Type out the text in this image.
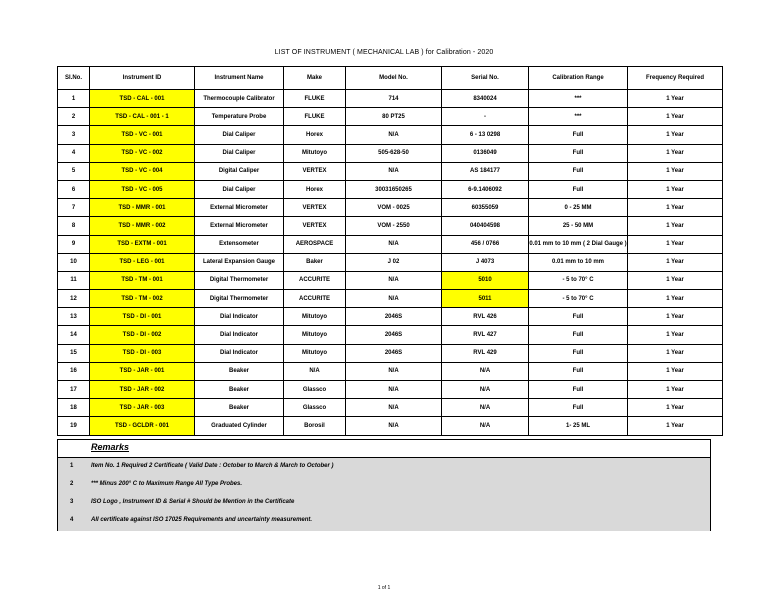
LIST OF INSTRUMENT ( MECHANICAL LAB ) for Calibration - 2020
Sl.No.	Instrument ID	Instrument Name	Make	Model No.	Serial No.	Calibration Range	Frequency Required
1	TSD - CAL - 001	Thermocouple Calibrator	FLUKE	714	8340024	***	1 Year
2	TSD - CAL - 001 - 1	Temperature Probe	FLUKE	80 PT25	-	***	1 Year
3	TSD - VC - 001	Dial Caliper	Horex	N/A	6 - 13 0298	Full	1 Year
4	TSD - VC - 002	Dial Caliper	Mitutoyo	505-628-50	0136049	Full	1 Year
5	TSD - VC - 004	Digital Caliper	VERTEX	N/A	AS 184177	Full	1 Year
6	TSD - VC - 005	Dial Caliper	Horex	30031650265	6-9.1406092	Full	1 Year
7	TSD - MMR - 001	External Micrometer	VERTEX	VOM - 0025	60355059	0 - 25 MM	1 Year
8	TSD - MMR - 002	External Micrometer	VERTEX	VOM - 2550	040404598	25 - 50 MM	1 Year
9	TSD - EXTM - 001	Extensometer	AEROSPACE	N/A	456 / 0766	0.01 mm to 10 mm ( 2 Dial Gauge )	1 Year
10	TSD - LEG - 001	Lateral Expansion Gauge	Baker	J 02	J 4073	0.01 mm to 10 mm	1 Year
11	TSD - TM - 001	Digital Thermometer	ACCURITE	N/A	5010	- 5 to 70° C	1 Year
12	TSD - TM - 002	Digital Thermometer	ACCURITE	N/A	5011	- 5 to 70° C	1 Year
13	TSD - DI - 001	Dial Indicator	Mitutoyo	2046S	RVL 426	Full	1 Year
14	TSD - DI - 002	Dial Indicator	Mitutoyo	2046S	RVL 427	Full	1 Year
15	TSD - DI - 003	Dial Indicator	Mitutoyo	2046S	RVL 429	Full	1 Year
16	TSD - JAR - 001	Beaker	N/A	N/A	N/A	Full	1 Year
17	TSD - JAR - 002	Beaker	Glassco	N/A	N/A	Full	1 Year
18	TSD - JAR - 003	Beaker	Glassco	N/A	N/A	Full	1 Year
19	TSD - GCLDR - 001	Graduated Cylinder	Borosil	N/A	N/A	1- 25 ML	1 Year
Remarks
1	Item No. 1 Required 2 Certificate ( Valid Date : October to March & March to October )
2	*** Minus 200° C to Maximum Range All Type Probes.
3	ISO Logo , Instrument ID & Serial # Should be Mention in the Certificate
4	All certificate against ISO 17025 Requirements and uncertainty measurement.
1 of 1
